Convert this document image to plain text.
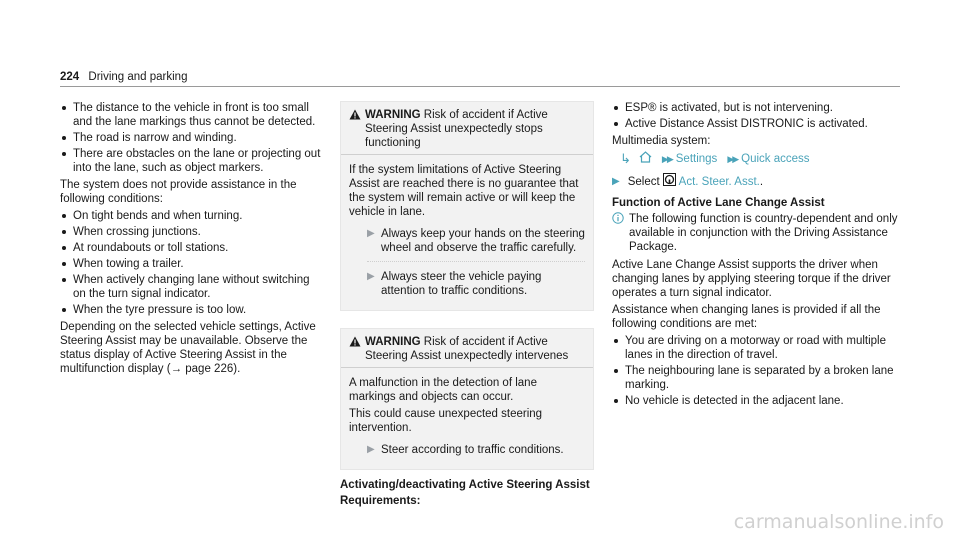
224 Driving and parking
The distance to the vehicle in front is too small and the lane markings thus cannot be detected.
The road is narrow and winding.
There are obstacles on the lane or projecting out into the lane, such as object markers.

The system does not provide assistance in the following conditions:

On tight bends and when turning.
When crossing junctions.
At roundabouts or toll stations.
When towing a trailer.
When actively changing lane without switching on the turn signal indicator.
When the tyre pressure is too low.

Depending on the selected vehicle settings, Active Steering Assist may be unavailable. Observe the status display of Active Steering Assist in the multifunction display (→ page 226).

WARNING Risk of accident if Active Steering Assist unexpectedly stops functioning

If the system limitations of Active Steering Assist are reached there is no guarantee that the system will remain active or will keep the vehicle in lane.

▶ Always keep your hands on the steering wheel and observe the traffic carefully.
▶ Always steer the vehicle paying attention to traffic conditions.
WARNING Risk of accident if Active Steering Assist unexpectedly intervenes

A malfunction in the detection of lane markings and objects can occur.

This could cause unexpected steering intervention.

▶ Steer according to traffic conditions.
Activating/deactivating Active Steering Assist
Requirements:
ESP® is activated, but is not intervening.
Active Distance Assist DISTRONIC is activated.

Multimedia system:

↳	▶▶ Settings ▶▶ Quick access
▶ Select Act. Steer. Asst. .
Function of Active Lane Change Assist
The following function is country-dependent and only available in conjunction with the Driving Assistance Package.

Active Lane Change Assist supports the driver when changing lanes by applying steering torque if the driver operates a turn signal indicator.

Assistance when changing lanes is provided if all the following conditions are met:

You are driving on a motorway or road with multiple lanes in the direction of travel.
The neighbouring lane is separated by a broken lane marking.
No vehicle is detected in the adjacent lane.
carmanualsonline.info
